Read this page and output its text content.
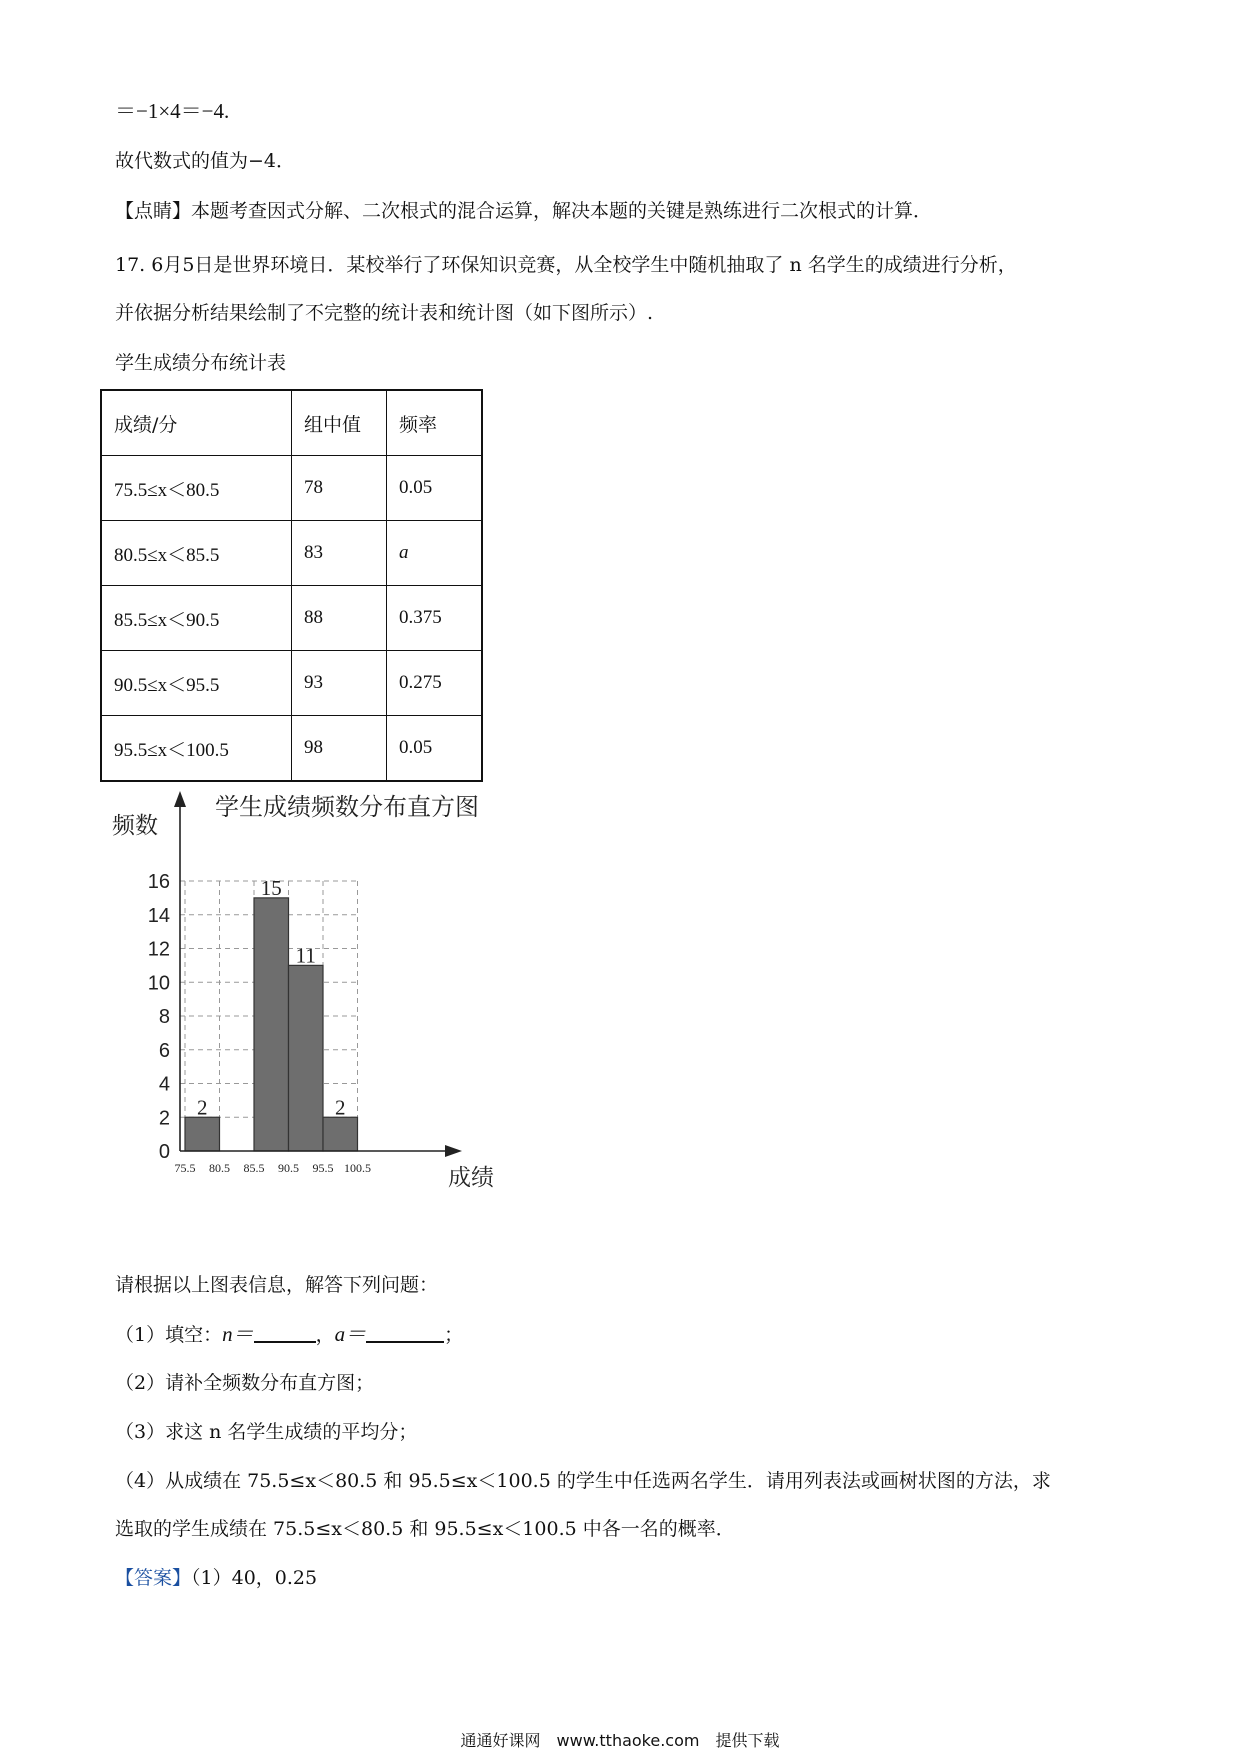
＝−1×4＝−4.
故代数式的值为−4．
【点睛】本题考查因式分解、二次根式的混合运算，解决本题的关键是熟练进行二次根式的计算．
17. 6月5日是世界环境日．某校举行了环保知识竞赛，从全校学生中随机抽取了 n 名学生的成绩进行分析，
并依据分析结果绘制了不完整的统计表和统计图（如下图所示）.
学生成绩分布统计表
成绩/分	组中值	频率
75.5≤x＜80.5	78	0.05
80.5≤x＜85.5	83	a
85.5≤x＜90.5	88	0.375
90.5≤x＜95.5	93	0.275
95.5≤x＜100.5	98	0.05
2
15
11
2
0
2
4
6
8
10
12
14
16
75.5 80.5 85.5 90.5 95.5 100.5
学生成绩频数分布直方图
频数
成绩
请根据以上图表信息，解答下列问题：
（1）填空：n＝	，a＝	；
（2）请补全频数分布直方图；
（3）求这 n 名学生成绩的平均分；
（4）从成绩在 75.5≤x＜80.5 和 95.5≤x＜100.5 的学生中任选两名学生．请用列表法或画树状图的方法，求
选取的学生成绩在 75.5≤x＜80.5 和 95.5≤x＜100.5 中各一名的概率．
【答案】（1）40，0.25
通通好课网　www.tthaoke.com　提供下载
